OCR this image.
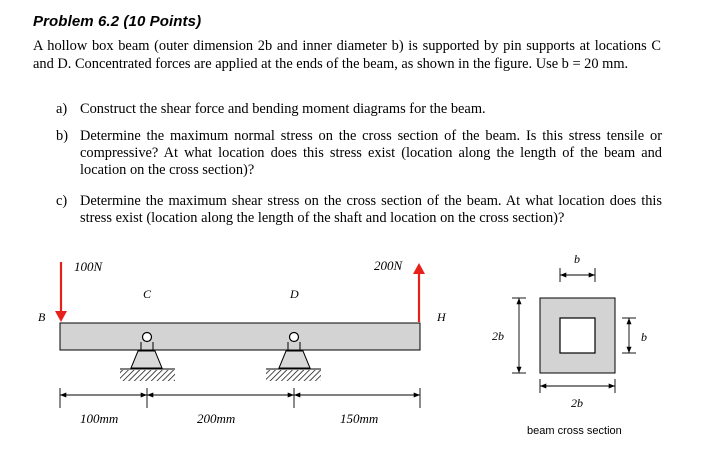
Problem 6.2 (10 Points)
A hollow box beam (outer dimension 2b and inner diameter b) is supported by pin supports at locations C and D. Concentrated forces are applied at the ends of the beam, as shown in the figure. Use b = 20 mm.
a) Construct the shear force and bending moment diagrams for the beam.
b) Determine the maximum normal stress on the cross section of the beam. Is this stress tensile or compressive? At what location does this stress exist (location along the length of the beam and location on the cross section)?
c) Determine the maximum shear stress on the cross section of the beam. At what location does this stress exist (location along the length of the shaft and location on the cross section)?
100N	200N
B
C	D
H
100mm	200mm	150mm
b
2b	b
2b
beam cross section
